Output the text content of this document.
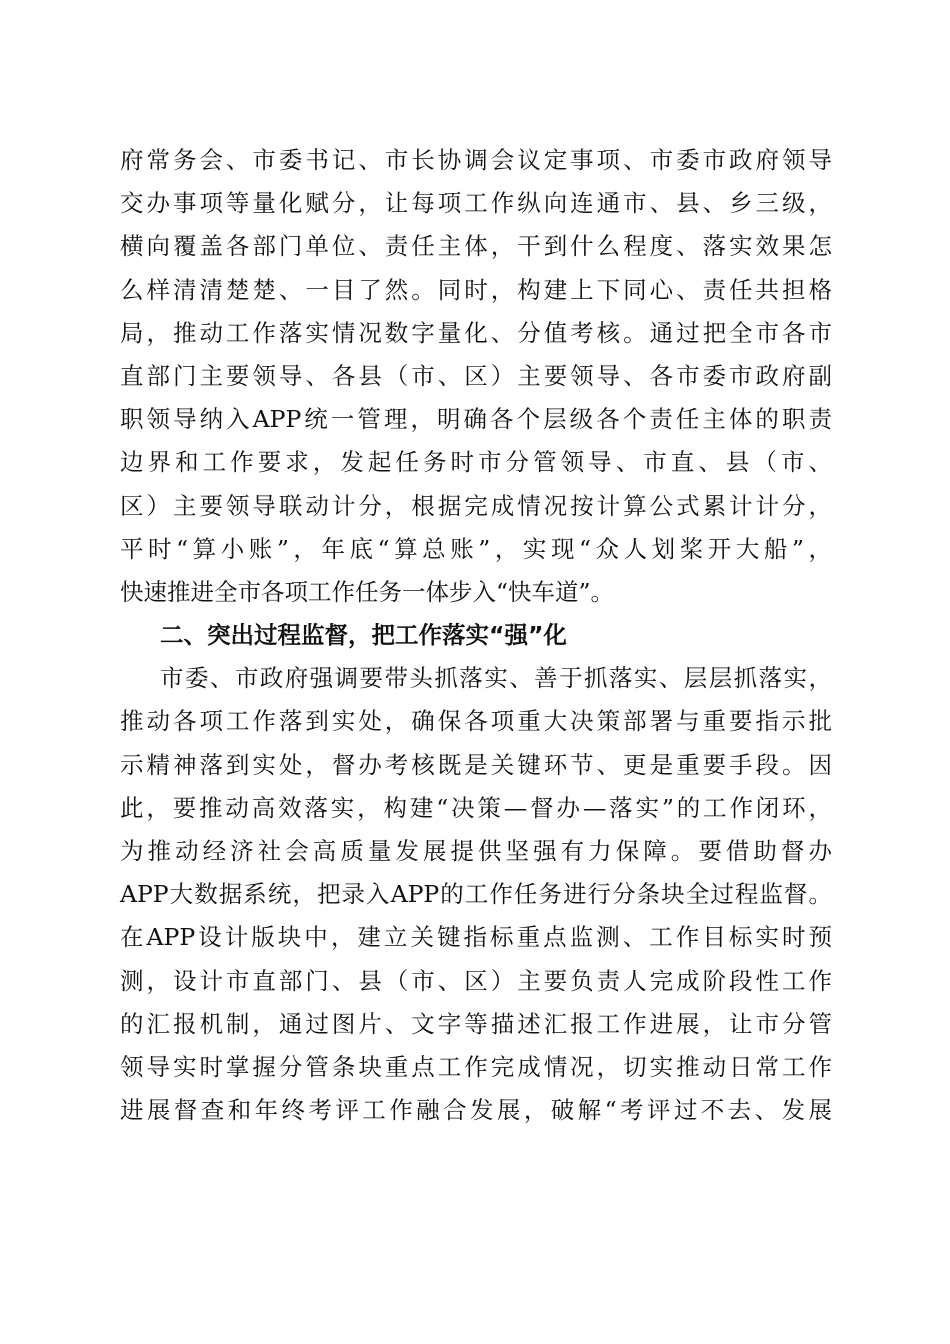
府常务会、市委书记、市长协调会议定事项、市委市政府领导
交办事项等量化赋分，让每项工作纵向连通市、县、乡三级，
横向覆盖各部门单位、责任主体，干到什么程度、落实效果怎
么样清清楚楚、一目了然。同时，构建上下同心、责任共担格
局，推动工作落实情况数字量化、分值考核。通过把全市各市
直部门主要领导、各县（市、区）主要领导、各市委市政府副
职领导纳入APP统一管理，明确各个层级各个责任主体的职责
边界和工作要求，发起任务时市分管领导、市直、县（市、
区）主要领导联动计分，根据完成情况按计算公式累计计分，
平时“算小账”，年底“算总账”，实现“众人划桨开大船”，
快速推进全市各项工作任务一体步入“快车道”。
二、突出过程监督，把工作落实“强”化
市委、市政府强调要带头抓落实、善于抓落实、层层抓落实，
推动各项工作落到实处，确保各项重大决策部署与重要指示批
示精神落到实处，督办考核既是关键环节、更是重要手段。因
此，要推动高效落实，构建“决策—督办—落实”的工作闭环，
为推动经济社会高质量发展提供坚强有力保障。要借助督办
APP大数据系统，把录入APP的工作任务进行分条块全过程监督。
在APP设计版块中，建立关键指标重点监测、工作目标实时预
测，设计市直部门、县（市、区）主要负责人完成阶段性工作
的汇报机制，通过图片、文字等描述汇报工作进展，让市分管
领导实时掌握分管条块重点工作完成情况，切实推动日常工作
进展督查和年终考评工作融合发展，破解“考评过不去、发展
